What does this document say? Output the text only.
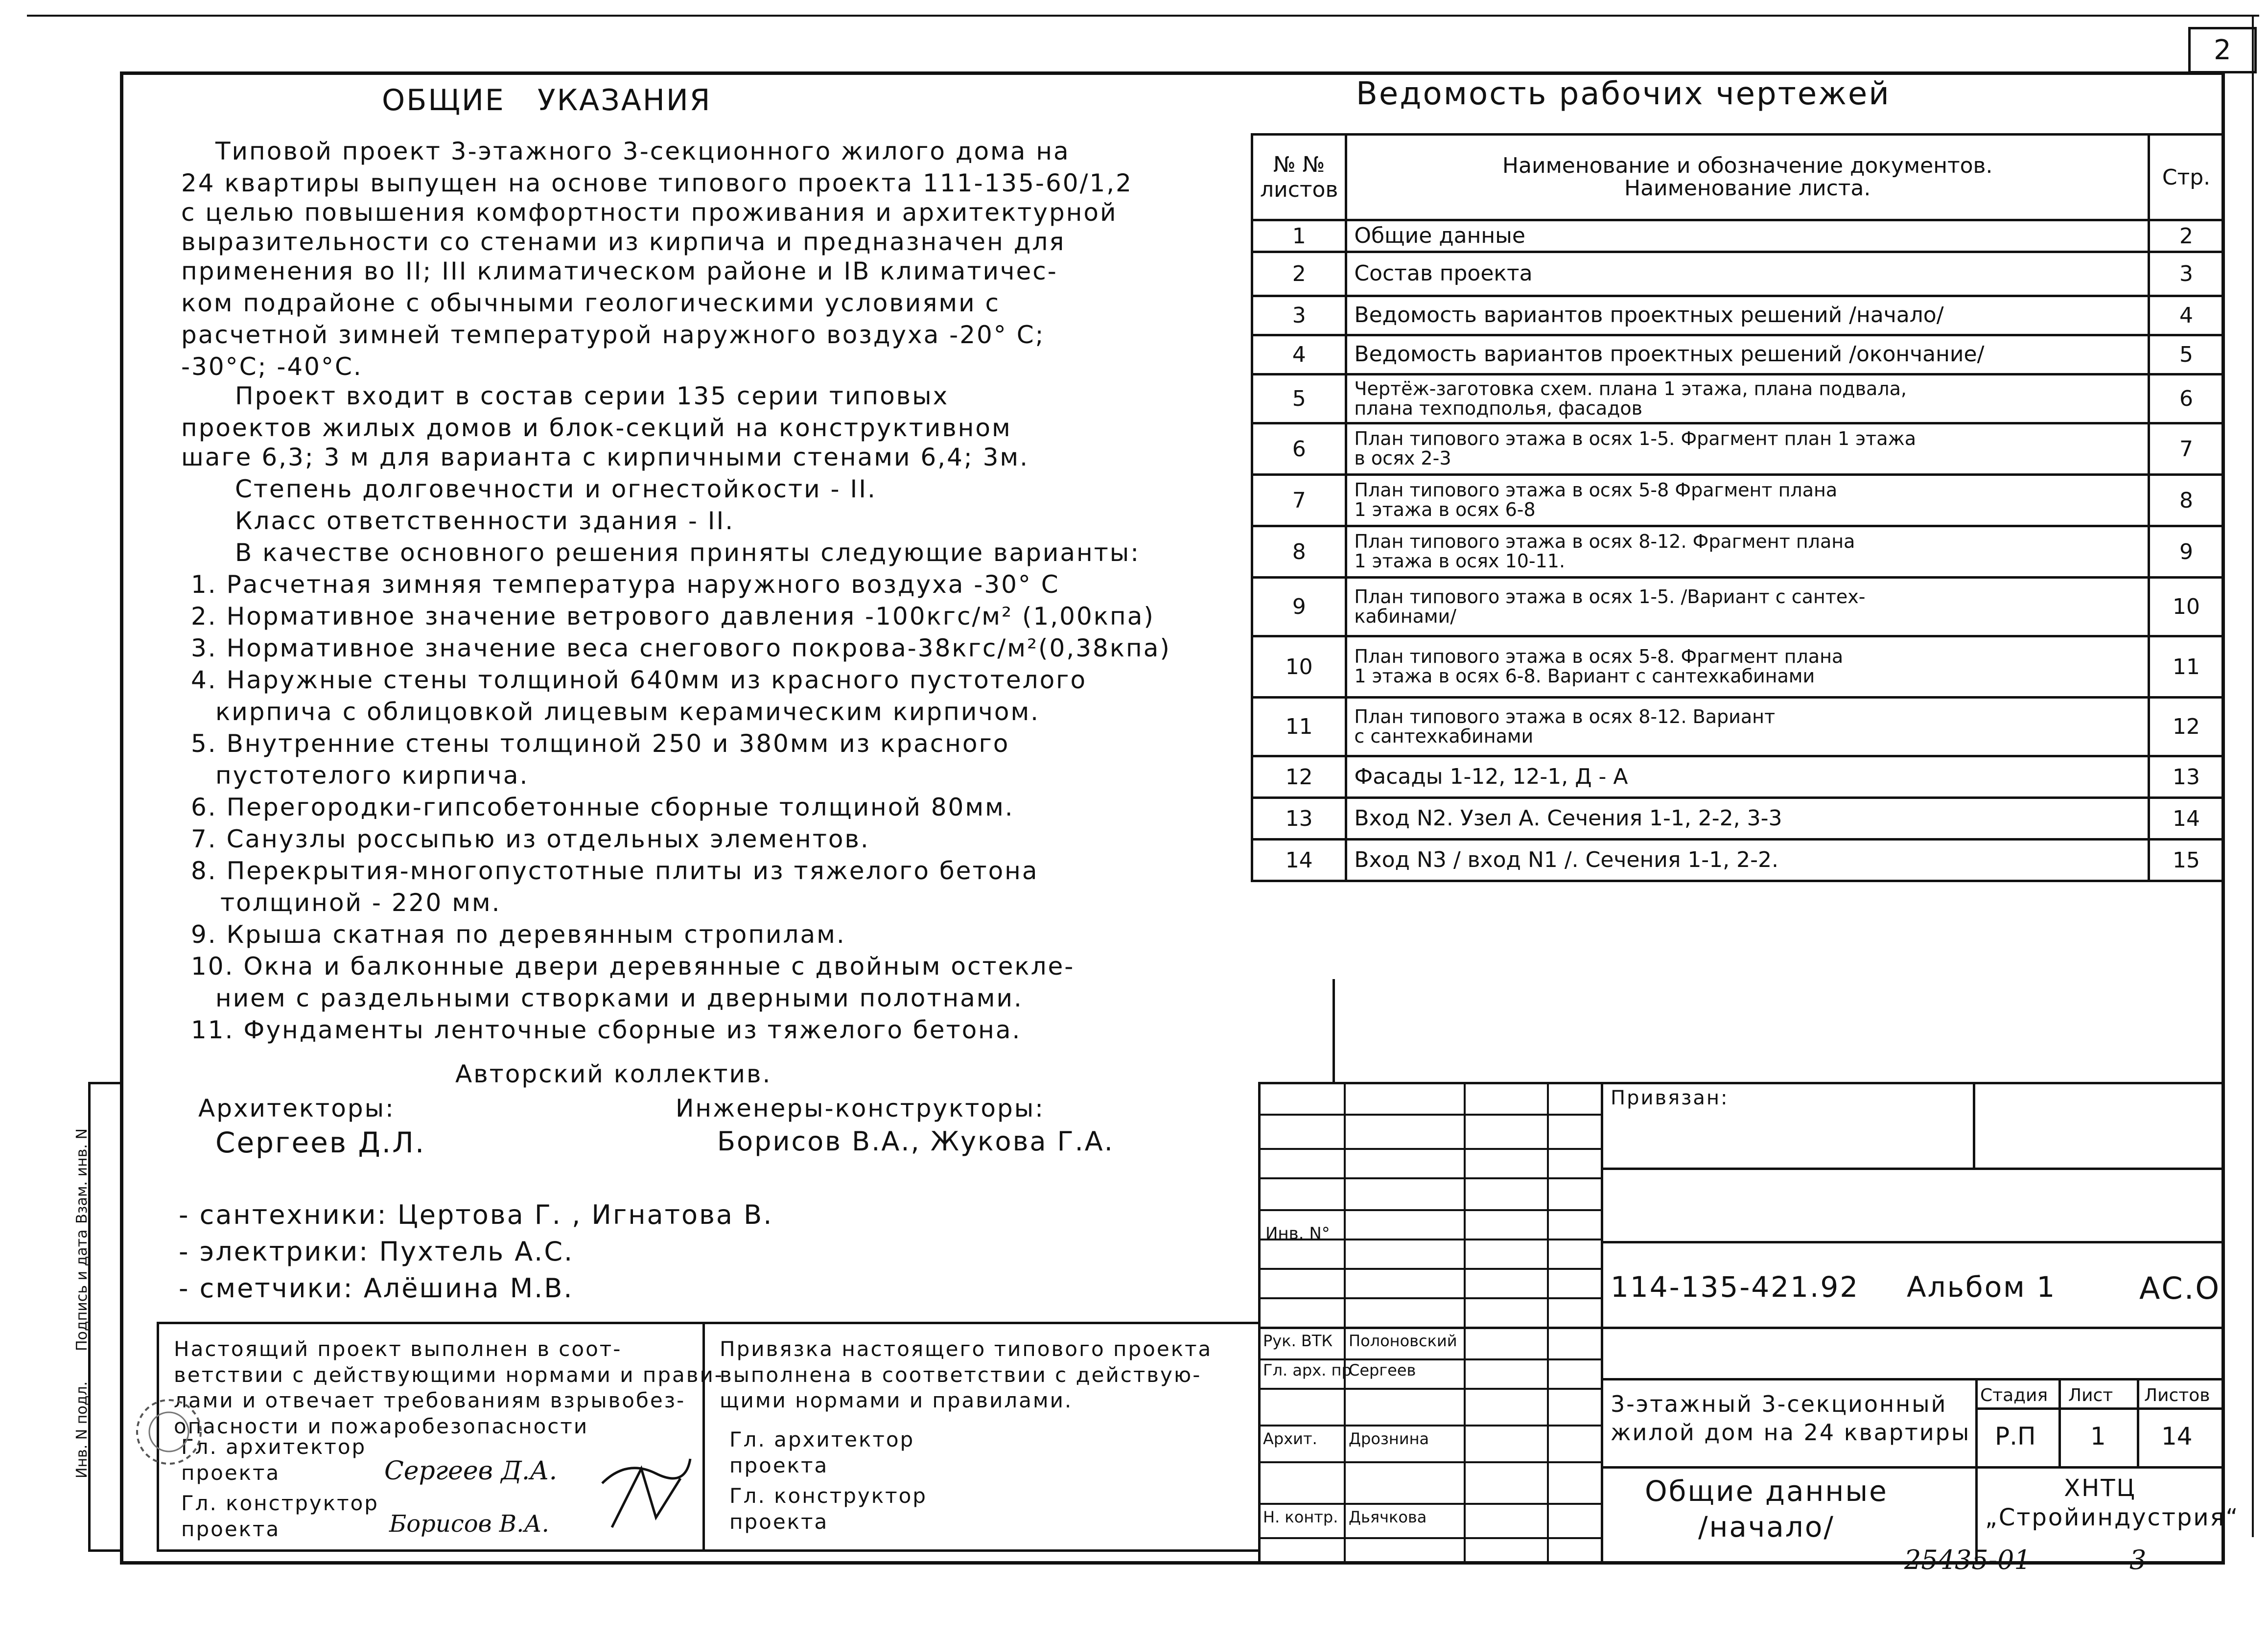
2
ОБЩИЕ   УКАЗАНИЯ
Типовой проект 3-этажного 3-секционного жилого дома на
24 квартиры выпущен на основе типового проекта 111-135-60/1,2
с целью повышения комфортности проживания и архитектурной
выразительности со стенами из кирпича и предназначен для
применения во II; III климатическом районе и IВ климатичес-
ком подрайоне с обычными геологическими условиями с
расчетной зимней температурой наружного воздуха -20° С;
-30°С; -40°С.
Проект входит в состав серии 135 серии типовых
проектов жилых домов и блок-секций на конструктивном
шаге 6,3; 3 м для варианта с кирпичными стенами 6,4; 3м.
Степень долговечности и огнестойкости - II.
Класс ответственности здания - II.
В качестве основного решения приняты следующие варианты:
1. Расчетная зимняя температура наружного воздуха -30° С
2. Нормативное значение ветрового давления -100кгс/м² (1,00кпа)
3. Нормативное значение веса снегового покрова-38кгс/м²(0,38кпа)
4. Наружные стены толщиной 640мм из красного пустотелого
кирпича с облицовкой лицевым керамическим кирпичом.
5. Внутренние стены толщиной 250 и 380мм из красного
пустотелого кирпича.
6. Перегородки-гипсобетонные сборные толщиной 80мм.
7. Санузлы россыпью из отдельных элементов.
8. Перекрытия-многопустотные плиты из тяжелого бетона
толщиной - 220 мм.
9. Крыша скатная по деревянным стропилам.
10. Окна и балконные двери деревянные с двойным остекле-
нием с раздельными створками и дверными полотнами.
11. Фундаменты ленточные сборные из тяжелого бетона.
Авторский коллектив.
Архитекторы:
Сергеев Д.Л.
Инженеры-конструкторы:
Борисов В.А., Жукова Г.А.
- сантехники: Цертова Г. , Игнатова В.
- электрики: Пухтель А.С.
- сметчики: Алёшина М.В.
Ведомость рабочих чертежей
№ № листов	Наименование и обозначение документов.
Наименование листа.	Стр.
1	Общие данные	2
2	Состав проекта	3
3	Ведомость вариантов проектных решений /начало/	4
4	Ведомость вариантов проектных решений /окончание/	5
5	Чертёж-заготовка схем. плана 1 этажа, плана подвала,
плана техподполья, фасадов	6
6	План типового этажа в осях 1-5. Фрагмент план 1 этажа
в осях 2-3	7
7	План типового этажа в осях 5-8 Фрагмент плана
1 этажа в осях 6-8	8
8	План типового этажа в осях 8-12. Фрагмент плана
1 этажа в осях 10-11.	9
9	План типового этажа в осях 1-5. /Вариант с сантех-
кабинами/	10
10	План типового этажа в осях 5-8. Фрагмент плана
1 этажа в осях 6-8. Вариант с сантехкабинами	11
11	План типового этажа в осях 8-12. Вариант
с сантехкабинами	12
12	Фасады 1-12, 12-1, Д - А	13
13	Вход N2. Узел А. Сечения 1-1, 2-2, 3-3	14
14	Вход N3 / вход N1 /. Сечения 1-1, 2-2.	15
Инв. N подл.
Подпись и дата
Взам. инв. N
Настоящий проект выполнен в соот-
ветствии с действующими нормами и прави-
лами и отвечает требованиям взрывобез-
опасности и пожаробезопасности
Гл. архитектор
проекта	Сергеев Д.А.
Гл. конструктор
проекта	Борисов В.А.
Привязка настоящего типового проекта
выполнена в соответствии с действую-
щими нормами и правилами.
Гл. архитектор
проекта
Гл. конструктор
проекта
Привязан:
Инв. N°
114-135-421.92 Альбом 1	АС.О
3-этажный 3-секционный
жилой дом на 24 квартиры
Стадия Лист Листов
Р.П 1 14
Общие данные
/начало/
ХНТЦ
„Стройиндустрия“
Рук. ВТК Полоновский
Гл. арх. пр
Сергеев
Архит. Дрознина
Н. контр. Дьячкова
25435-01	3
